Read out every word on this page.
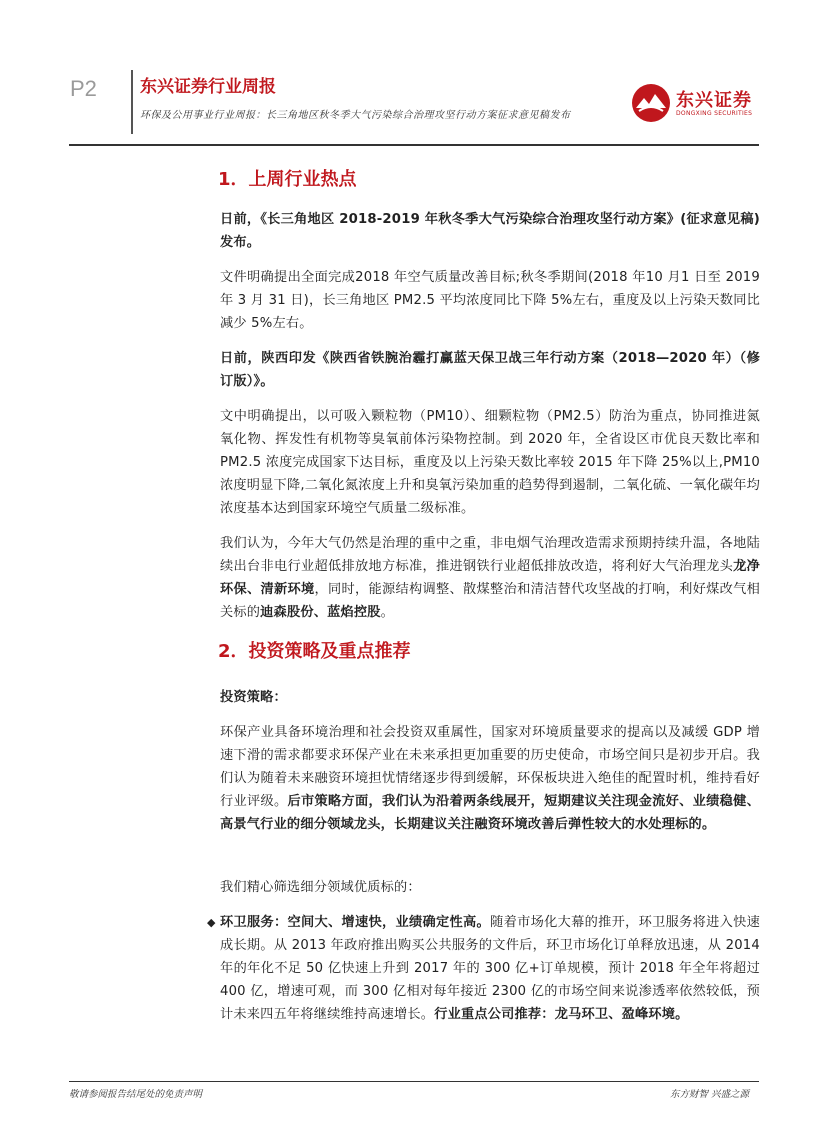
P2	东兴证券行业周报
环保及公用事业行业周报：长三角地区秋冬季大气污染综合治理攻坚行动方案征求意见稿发布
东兴证券
DONGXING SECURITIES
1．上周行业热点

日前，《长三角地区 2018-2019 年秋冬季大气污染综合治理攻坚行动方案》(征求意见稿)发布。

文件明确提出全面完成2018 年空气质量改善目标;秋冬季期间(2018 年10 月1 日至 2019 年 3 月 31 日)，长三角地区 PM2.5 平均浓度同比下降 5%左右，重度及以上污染天数同比减少 5%左右。

日前，陕西印发《陕西省铁腕治霾打赢蓝天保卫战三年行动方案（2018—2020 年）（修订版）》。

文中明确提出，以可吸入颗粒物（PM10）、细颗粒物（PM2.5）防治为重点，协同推进氮氧化物、挥发性有机物等臭氧前体污染物控制。到 2020 年，全省设区市优良天数比率和 PM2.5 浓度完成国家下达目标，重度及以上污染天数比率较 2015 年下降 25%以上,PM10浓度明显下降,二氧化氮浓度上升和臭氧污染加重的趋势得到遏制，二氧化硫、一氧化碳年均浓度基本达到国家环境空气质量二级标准。

我们认为，今年大气仍然是治理的重中之重，非电烟气治理改造需求预期持续升温，各地陆续出台非电行业超低排放地方标准，推进钢铁行业超低排放改造，将利好大气治理龙头龙净环保、清新环境，同时，能源结构调整、散煤整治和清洁替代攻坚战的打响，利好煤改气相关标的迪森股份、蓝焰控股。

2．投资策略及重点推荐

投资策略：

环保产业具备环境治理和社会投资双重属性，国家对环境质量要求的提高以及减缓 GDP 增速下滑的需求都要求环保产业在未来承担更加重要的历史使命，市场空间只是初步开启。我们认为随着未来融资环境担忧情绪逐步得到缓解，环保板块进入绝佳的配置时机，维持看好行业评级。后市策略方面，我们认为沿着两条线展开，短期建议关注现金流好、业绩稳健、高景气行业的细分领域龙头，长期建议关注融资环境改善后弹性较大的水处理标的。

我们精心筛选细分领域优质标的：

◆ 环卫服务：空间大、增速快，业绩确定性高。随着市场化大幕的推开，环卫服务将进入快速成长期。从 2013 年政府推出购买公共服务的文件后，环卫市场化订单释放迅速，从 2014 年的年化不足 50 亿快速上升到 2017 年的 300 亿+订单规模，预计 2018 年全年将超过 400 亿，增速可观，而 300 亿相对每年接近 2300 亿的市场空间来说渗透率依然较低，预计未来四五年将继续维持高速增长。行业重点公司推荐：龙马环卫、盈峰环境。

敬请参阅报告结尾处的免责声明	东方财智 兴盛之源
